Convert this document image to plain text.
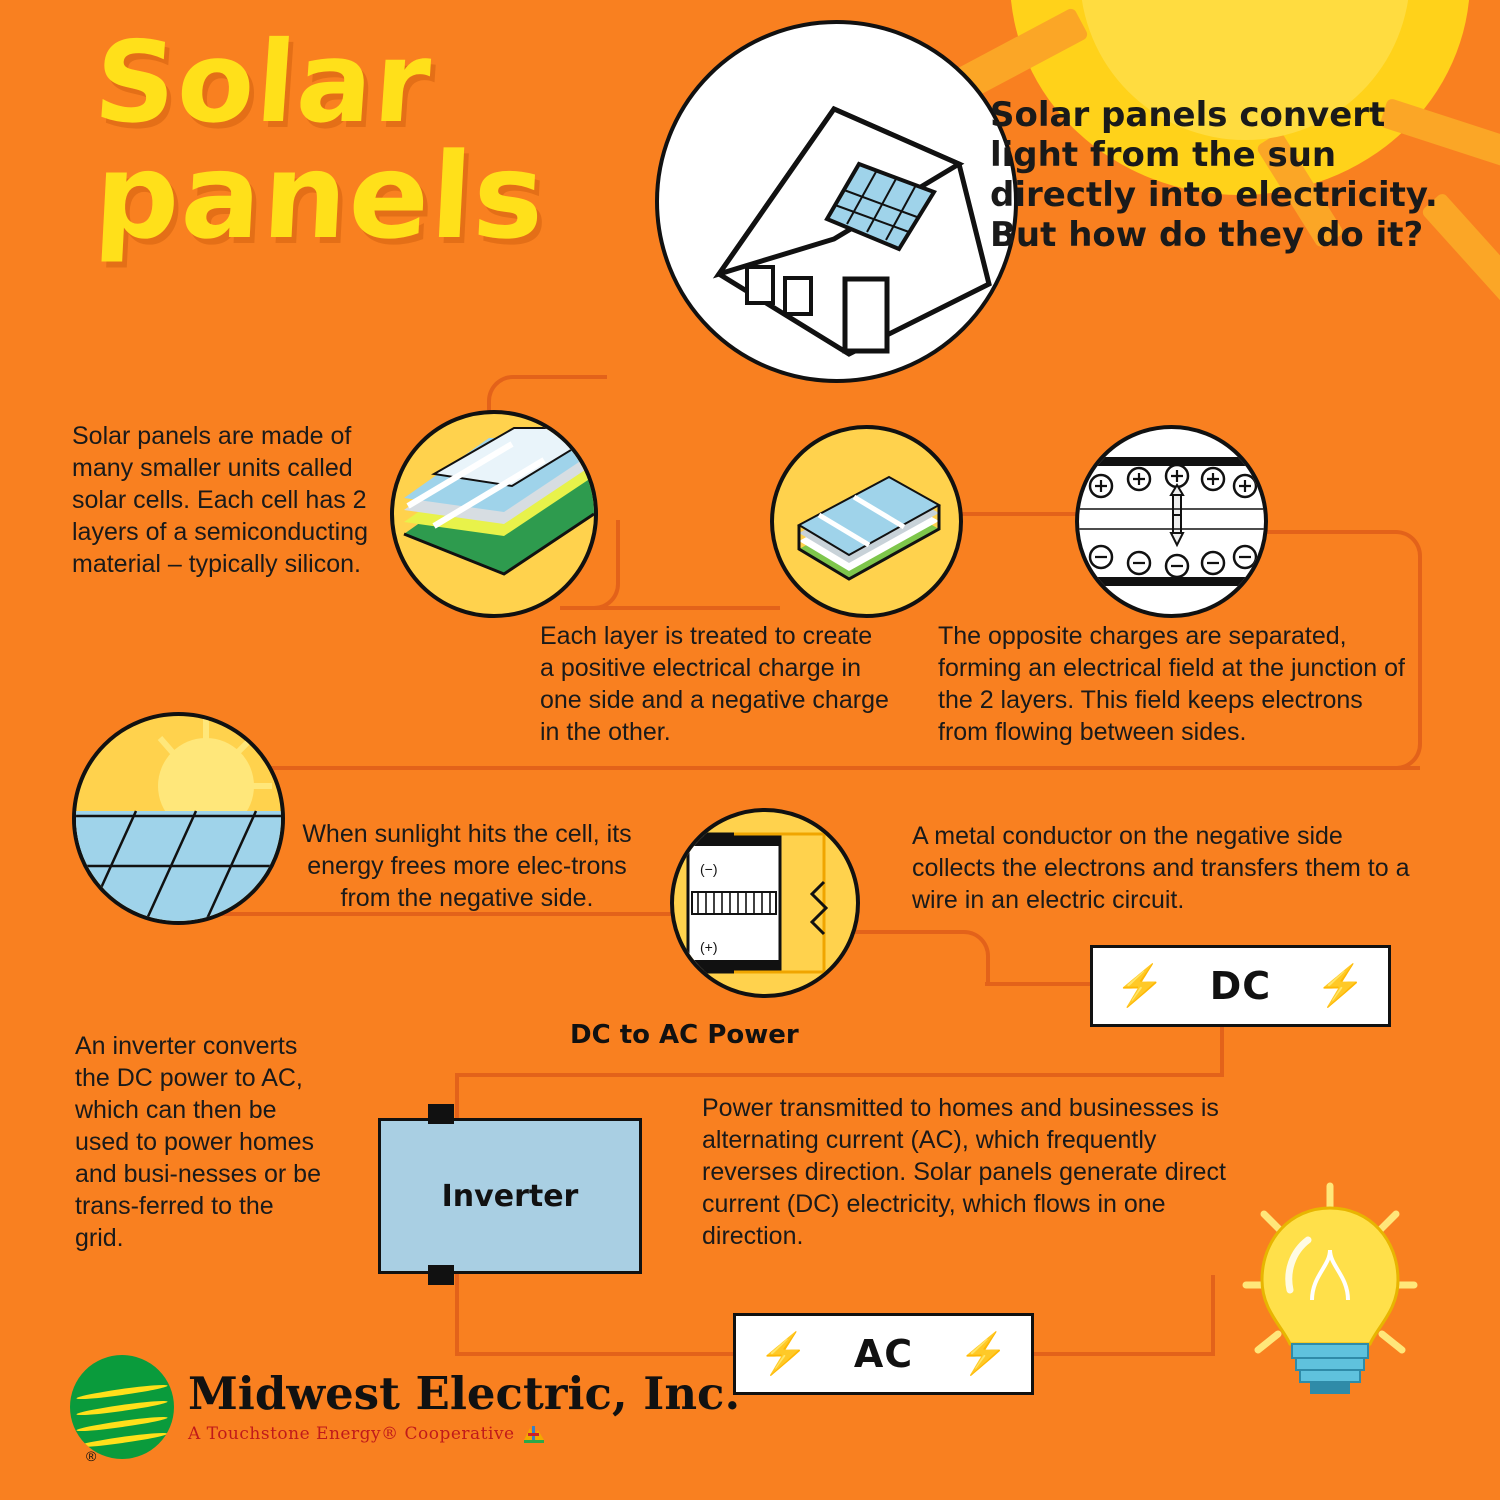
Solar
panels
Solar panels convert light from the sun directly into electricity. But how do they do it?
Solar panels are made of many smaller units called solar cells. Each cell has 2 layers of a semiconducting material – typically silicon.
Each layer is treated to create a positive electrical charge in one side and a negative charge in the other.
The opposite charges are separated, forming an electrical field at the junction of the 2 layers. This field keeps electrons from flowing between sides.
When sunlight hits the cell, its energy frees more elec-trons from the negative side.
(−)
(+)
A metal conductor on the negative side collects the electrons and transfers them to a wire in an electric circuit.
⚡ DC ⚡
DC to AC Power
An inverter converts the DC power to AC, which can then be used to power homes and busi-nesses or be trans-ferred to the grid.
Inverter
Power transmitted to homes and businesses is alternating current (AC), which frequently reverses direction. Solar panels generate direct current (DC) electricity, which flows in one direction.
⚡ AC ⚡
Midwest Electric, Inc.
A Touchstone Energy® Cooperative
®
